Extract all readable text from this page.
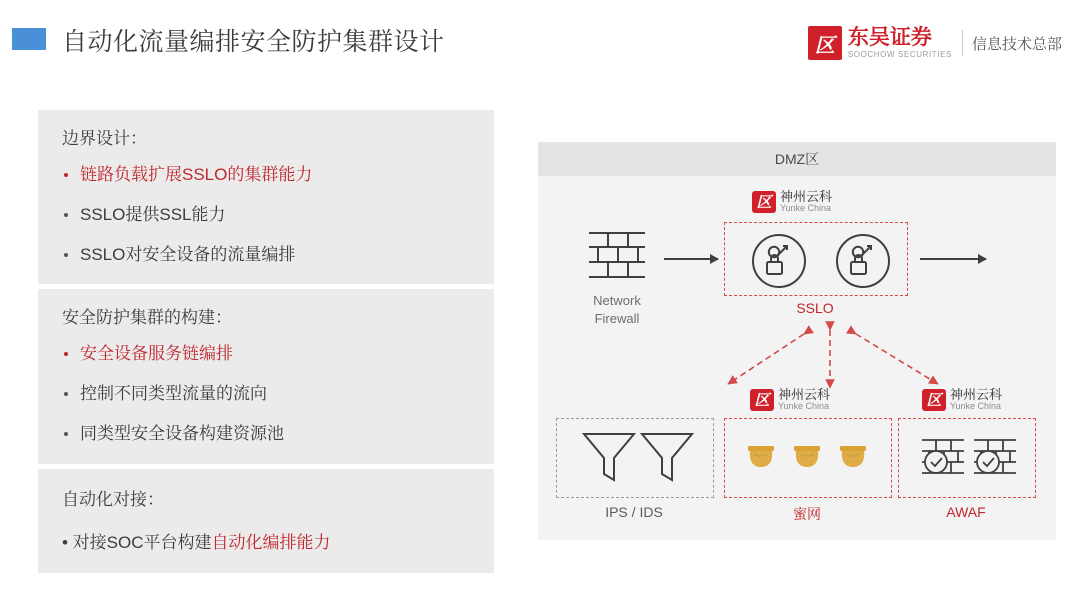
自动化流量编排安全防护集群设计	区 东吴证券
SOOCHOW SECURITIES
信息技术总部
边界设计：
链路负载扩展SSLO的集群能力
SSLO提供SSL能力
SSLO对安全设备的流量编排
安全防护集群的构建：
安全设备服务链编排
控制不同类型流量的流向
同类型安全设备构建资源池
自动化对接：
• 对接SOC平台构建自动化编排能力
DMZ区
Network
Firewall
区 神州云科
Yunke China
SSLO
IPS / IDS
区 神州云科
Yunke China
蜜网
区 神州云科
Yunke China
AWAF
